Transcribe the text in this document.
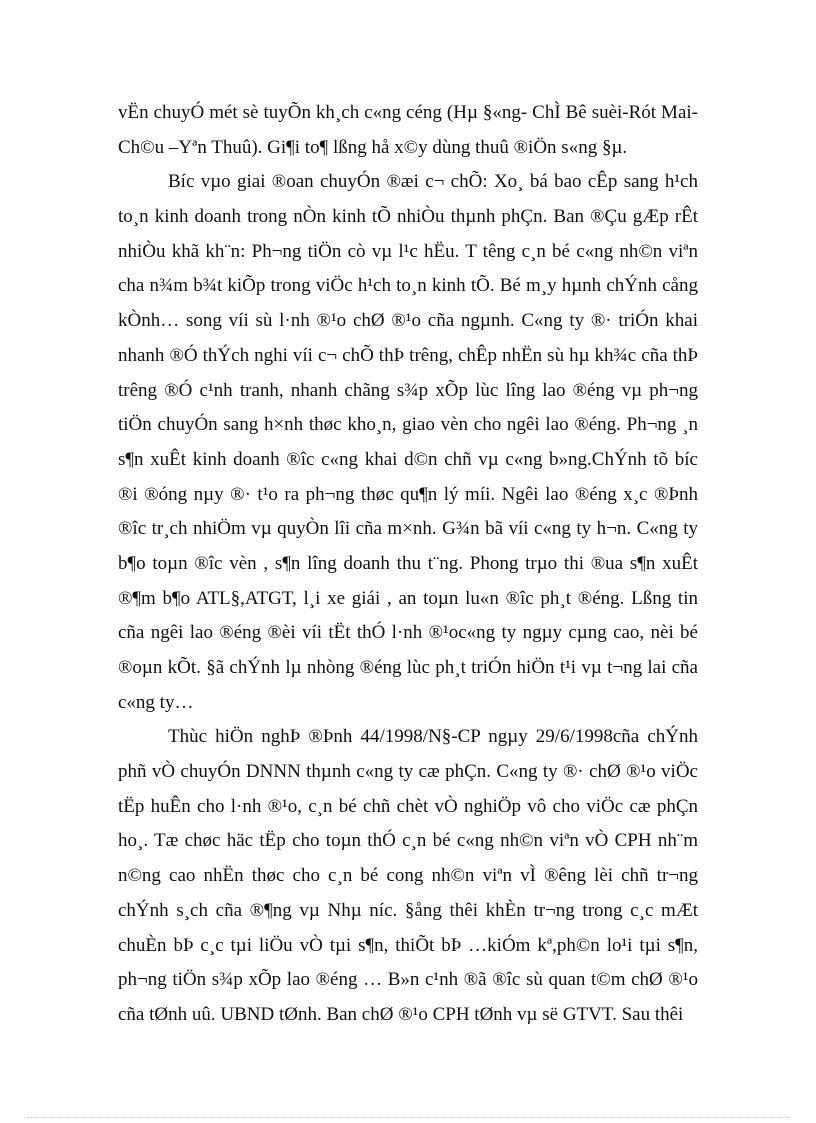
vËn chuyÓ mét sè tuyÕn kh¸ch c«ng céng (Hµ §«ng- ChÌ Bê suèi-Rót Mai-
Ch©u –Yªn Thuû). Gi¶i to¶ lßng hå x©y dùng thuû ®iÖn s«ng §µ.
Bíc vµo giai ®oan chuyÓn ®æi c¬ chÕ: Xo¸ bá bao cÊp sang h¹ch
to¸n kinh doanh trong nÒn kinh tÕ nhiÒu thµnh phÇn. Ban ®Çu gÆp rÊt
nhiÒu khã kh¨n: Ph¬ng tiÖn cò vµ l¹c hËu. T têng c¸n bé c«ng nh©n viªn
cha n¾m b¾t kiÕp trong viÖc h¹ch to¸n kinh tÕ. Bé m¸y hµnh chÝnh cång
kÒnh… song víi sù l·nh ®¹o chØ ®¹o cña ngµnh. C«ng ty ®· triÓn khai
nhanh ®Ó thÝch nghi víi c¬ chÕ thÞ trêng, chÊp nhËn sù hµ kh¾c cña thÞ
trêng ®Ó c¹nh tranh, nhanh chãng s¾p xÕp lùc lîng lao ®éng vµ ph¬ng
tiÖn chuyÓn sang h×nh thøc kho¸n, giao vèn cho ngêi lao ®éng. Ph¬ng ¸n
s¶n xuÊt kinh doanh ®îc c«ng khai d©n chñ vµ c«ng b»ng.ChÝnh tõ bíc
®i ®óng nµy ®· t¹o ra ph¬ng thøc qu¶n lý míi. Ngêi lao ®éng x¸c ®Þnh
®îc tr¸ch nhiÖm vµ quyÒn lîi cña m×nh. G¾n bã víi c«ng ty h¬n. C«ng ty
b¶o toµn ®îc vèn , s¶n lîng doanh thu t¨ng. Phong trµo thi ®ua s¶n xuÊt
®¶m b¶o ATL§,ATGT, l¸i xe giái , an toµn lu«n ®îc ph¸t ®éng. Lßng tin
cña ngêi lao ®éng ®èi víi tËt thÓ l·nh ®¹oc«ng ty ngµy cµng cao, nèi bé
®oµn kÕt. §ã chÝnh lµ nhòng ®éng lùc ph¸t triÓn hiÖn t¹i vµ t¬ng lai cña
c«ng ty…
Thùc hiÖn nghÞ ®Þnh 44/1998/N§-CP ngµy 29/6/1998cña chÝnh
phñ vÒ chuyÓn DNNN thµnh c«ng ty cæ phÇn. C«ng ty ®· chØ ®¹o viÖc
tËp huÊn cho l·nh ®¹o, c¸n bé chñ chèt vÒ nghiÖp vô cho viÖc cæ phÇn
ho¸. Tæ chøc häc tËp cho toµn thÓ c¸n bé c«ng nh©n viªn vÒ CPH nh¨m
n©ng cao nhËn thøc cho c¸n bé cong nh©n viªn vÌ ®êng lèi chñ tr¬ng
chÝnh s¸ch cña ®¶ng vµ Nhµ níc. §ång thêi khÈn tr¬ng trong c¸c mÆt
chuÈn bÞ c¸c tµi liÖu vÒ tµi s¶n, thiÕt bÞ …kiÓm kª,ph©n lo¹i tµi s¶n,
ph¬ng tiÖn s¾p xÕp lao ®éng … B»n c¹nh ®ã ®îc sù quan t©m chØ ®¹o
cña tØnh uû. UBND tØnh. Ban chØ ®¹o CPH tØnh vµ së GTVT. Sau thêi
